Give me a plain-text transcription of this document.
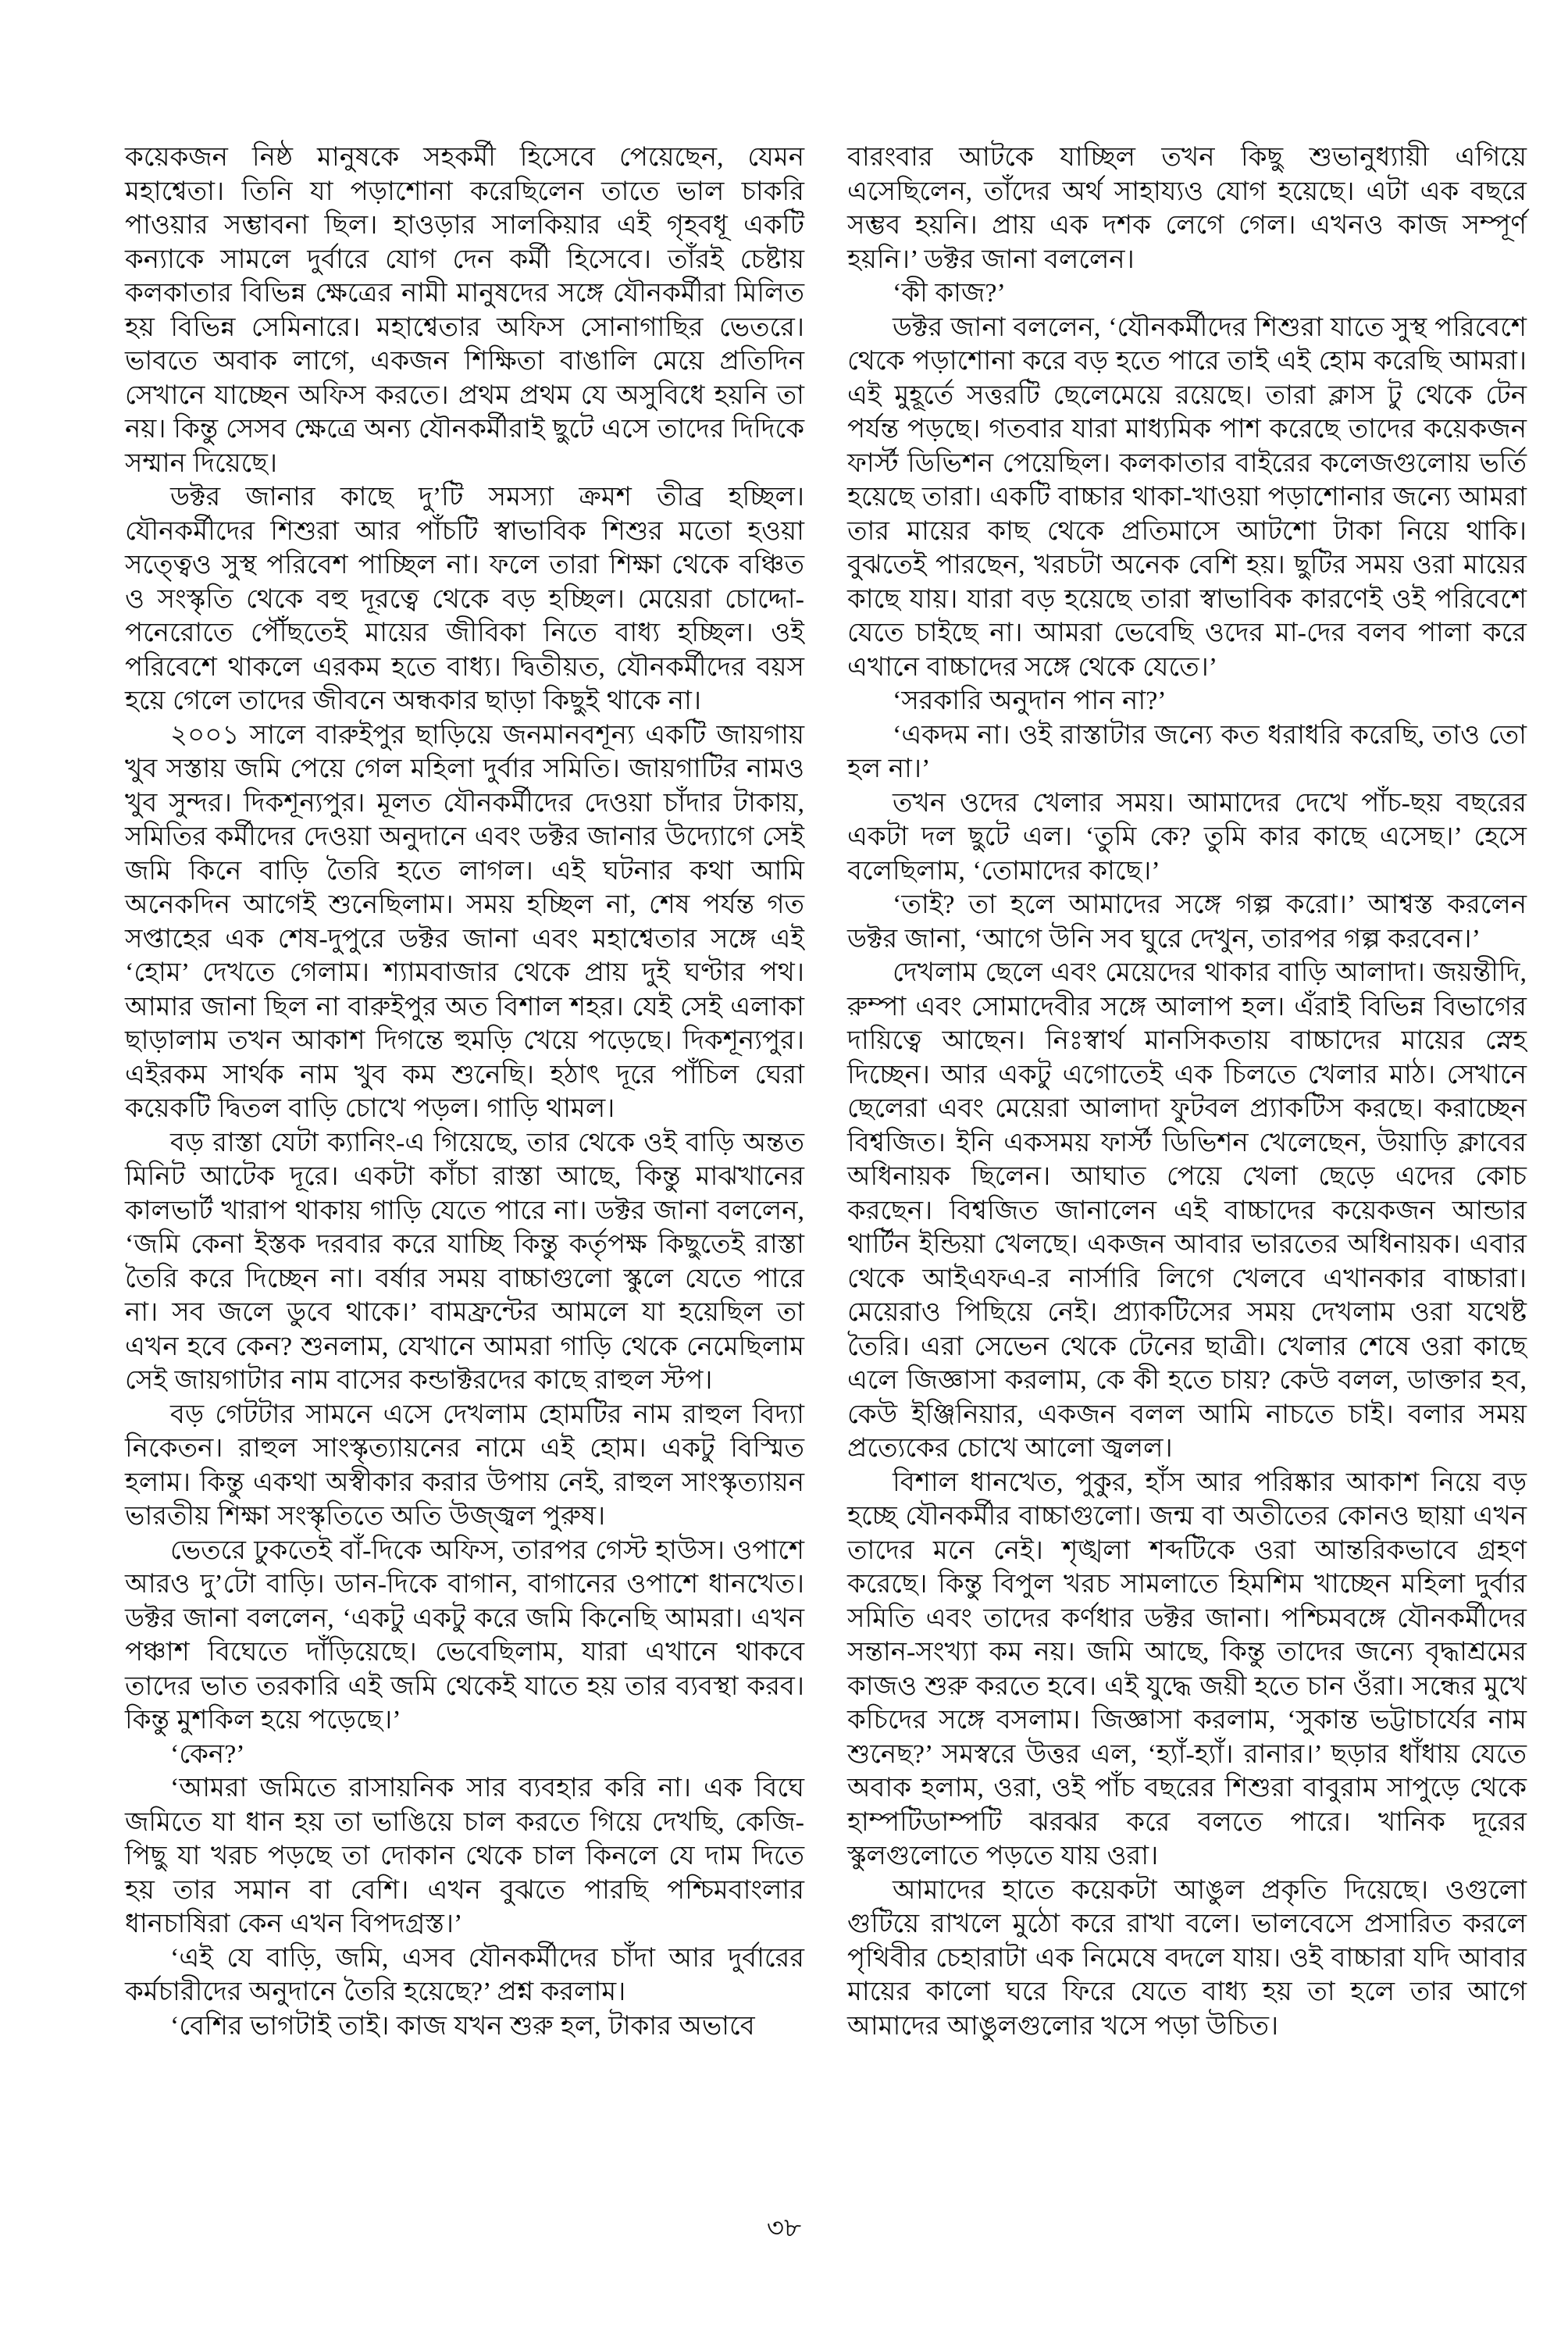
কয়েকজন নিষ্ঠ মানুষকে সহকর্মী হিসেবে পেয়েছেন, যেমন মহাশ্বেতা। তিনি যা পড়াশোনা করেছিলেন তাতে ভাল চাকরি পাওয়ার সম্ভাবনা ছিল। হাওড়ার সালকিয়ার এই গৃহবধূ একটি কন্যাকে সামলে দুর্বারে যোগ দেন কর্মী হিসেবে। তাঁরই চেষ্টায় কলকাতার বিভিন্ন ক্ষেত্রের নামী মানুষদের সঙ্গে যৌনকর্মীরা মিলিত হয় বিভিন্ন সেমিনারে। মহাশ্বেতার অফিস সোনাগাছির ভেতরে। ভাবতে অবাক লাগে, একজন শিক্ষিতা বাঙালি মেয়ে প্রতিদিন সেখানে যাচ্ছেন অফিস করতে। প্রথম প্রথম যে অসুবিধে হয়নি তা নয়। কিন্তু সেসব ক্ষেত্রে অন্য যৌনকর্মীরাই ছুটে এসে তাদের দিদিকে সম্মান দিয়েছে।

ডক্টর জানার কাছে দু’টি সমস্যা ক্রমশ তীব্র হচ্ছিল। যৌনকর্মীদের শিশুরা আর পাঁচটি স্বাভাবিক শিশুর মতো হওয়া সত্ত্বেও সুস্থ পরিবেশ পাচ্ছিল না। ফলে তারা শিক্ষা থেকে বঞ্চিত ও সংস্কৃতি থেকে বহু দূরত্বে থেকে বড় হচ্ছিল। মেয়েরা চোদ্দো-পনেরোতে পৌঁছতেই মায়ের জীবিকা নিতে বাধ্য হচ্ছিল। ওই পরিবেশে থাকলে এরকম হতে বাধ্য। দ্বিতীয়ত, যৌনকর্মীদের বয়স হয়ে গেলে তাদের জীবনে অন্ধকার ছাড়া কিছুই থাকে না।

২০০১ সালে বারুইপুর ছাড়িয়ে জনমানবশূন্য একটি জায়গায় খুব সস্তায় জমি পেয়ে গেল মহিলা দুর্বার সমিতি। জায়গাটির নামও খুব সুন্দর। দিকশূন্যপুর। মূলত যৌনকর্মীদের দেওয়া চাঁদার টাকায়, সমিতির কর্মীদের দেওয়া অনুদানে এবং ডক্টর জানার উদ্যোগে সেই জমি কিনে বাড়ি তৈরি হতে লাগল। এই ঘটনার কথা আমি অনেকদিন আগেই শুনেছিলাম। সময় হচ্ছিল না, শেষ পর্যন্ত গত সপ্তাহের এক শেষ-দুপুরে ডক্টর জানা এবং মহাশ্বেতার সঙ্গে এই ‘হোম’ দেখতে গেলাম। শ্যামবাজার থেকে প্রায় দুই ঘণ্টার পথ। আমার জানা ছিল না বারুইপুর অত বিশাল শহর। যেই সেই এলাকা ছাড়ালাম তখন আকাশ দিগন্তে হুমড়ি খেয়ে পড়েছে। দিকশূন্যপুর। এইরকম সার্থক নাম খুব কম শুনেছি। হঠাৎ দূরে পাঁচিল ঘেরা কয়েকটি দ্বিতল বাড়ি চোখে পড়ল। গাড়ি থামল।

বড় রাস্তা যেটা ক্যানিং-এ গিয়েছে, তার থেকে ওই বাড়ি অন্তত মিনিট আটেক দূরে। একটা কাঁচা রাস্তা আছে, কিন্তু মাঝখানের কালভার্ট খারাপ থাকায় গাড়ি যেতে পারে না। ডক্টর জানা বললেন, ‘জমি কেনা ইস্তক দরবার করে যাচ্ছি কিন্তু কর্তৃপক্ষ কিছুতেই রাস্তা তৈরি করে দিচ্ছেন না। বর্ষার সময় বাচ্চাগুলো স্কুলে যেতে পারে না। সব জলে ডুবে থাকে।’ বামফ্রন্টের আমলে যা হয়েছিল তা এখন হবে কেন? শুনলাম, যেখানে আমরা গাড়ি থেকে নেমেছিলাম সেই জায়গাটার নাম বাসের কন্ডাক্টরদের কাছে রাহুল স্টপ।

বড় গেটটার সামনে এসে দেখলাম হোমটির নাম রাহুল বিদ্যা নিকেতন। রাহুল সাংস্কৃত্যায়নের নামে এই হোম। একটু বিস্মিত হলাম। কিন্তু একথা অস্বীকার করার উপায় নেই, রাহুল সাংস্কৃত্যায়ন ভারতীয় শিক্ষা সংস্কৃতিতে অতি উজ্জ্বল পুরুষ।

ভেতরে ঢুকতেই বাঁ-দিকে অফিস, তারপর গেস্ট হাউস। ওপাশে আরও দু’টো বাড়ি। ডান-দিকে বাগান, বাগানের ওপাশে ধানখেত। ডক্টর জানা বললেন, ‘একটু একটু করে জমি কিনেছি আমরা। এখন পঞ্চাশ বিঘেতে দাঁড়িয়েছে। ভেবেছিলাম, যারা এখানে থাকবে তাদের ভাত তরকারি এই জমি থেকেই যাতে হয় তার ব্যবস্থা করব। কিন্তু মুশকিল হয়ে পড়েছে।’

‘কেন?’

‘আমরা জমিতে রাসায়নিক সার ব্যবহার করি না। এক বিঘে জমিতে যা ধান হয় তা ভাঙিয়ে চাল করতে গিয়ে দেখছি, কেজি-পিছু যা খরচ পড়ছে তা দোকান থেকে চাল কিনলে যে দাম দিতে হয় তার সমান বা বেশি। এখন বুঝতে পারছি পশ্চিমবাংলার ধানচাষিরা কেন এখন বিপদগ্রস্ত।’

‘এই যে বাড়ি, জমি, এসব যৌনকর্মীদের চাঁদা আর দুর্বারের কর্মচারীদের অনুদানে তৈরি হয়েছে?’ প্রশ্ন করলাম।

‘বেশির ভাগটাই তাই। কাজ যখন শুরু হল, টাকার অভাবে

বারংবার আটকে যাচ্ছিল তখন কিছু শুভানুধ্যায়ী এগিয়ে এসেছিলেন, তাঁদের অর্থ সাহায্যও যোগ হয়েছে। এটা এক বছরে সম্ভব হয়নি। প্রায় এক দশক লেগে গেল। এখনও কাজ সম্পূর্ণ হয়নি।’ ডক্টর জানা বললেন।

‘কী কাজ?’

ডক্টর জানা বললেন, ‘যৌনকর্মীদের শিশুরা যাতে সুস্থ পরিবেশে থেকে পড়াশোনা করে বড় হতে পারে তাই এই হোম করেছি আমরা। এই মুহূর্তে সত্তরটি ছেলেমেয়ে রয়েছে। তারা ক্লাস টু থেকে টেন পর্যন্ত পড়ছে। গতবার যারা মাধ্যমিক পাশ করেছে তাদের কয়েকজন ফার্স্ট ডিভিশন পেয়েছিল। কলকাতার বাইরের কলেজগুলোয় ভর্তি হয়েছে তারা। একটি বাচ্চার থাকা-খাওয়া পড়াশোনার জন্যে আমরা তার মায়ের কাছ থেকে প্রতিমাসে আটশো টাকা নিয়ে থাকি। বুঝতেই পারছেন, খরচটা অনেক বেশি হয়। ছুটির সময় ওরা মায়ের কাছে যায়। যারা বড় হয়েছে তারা স্বাভাবিক কারণেই ওই পরিবেশে যেতে চাইছে না। আমরা ভেবেছি ওদের মা-দের বলব পালা করে এখানে বাচ্চাদের সঙ্গে থেকে যেতে।’

‘সরকারি অনুদান পান না?’

‘একদম না। ওই রাস্তাটার জন্যে কত ধরাধরি করেছি, তাও তো হল না।’

তখন ওদের খেলার সময়। আমাদের দেখে পাঁচ-ছয় বছরের একটা দল ছুটে এল। ‘তুমি কে? তুমি কার কাছে এসেছ।’ হেসে বলেছিলাম, ‘তোমাদের কাছে।’

‘তাই? তা হলে আমাদের সঙ্গে গল্প করো।’ আশ্বস্ত করলেন ডক্টর জানা, ‘আগে উনি সব ঘুরে দেখুন, তারপর গল্প করবেন।’

দেখলাম ছেলে এবং মেয়েদের থাকার বাড়ি আলাদা। জয়ন্তীদি, রুম্পা এবং সোমাদেবীর সঙ্গে আলাপ হল। এঁরাই বিভিন্ন বিভাগের দায়িত্বে আছেন। নিঃস্বার্থ মানসিকতায় বাচ্চাদের মায়ের স্নেহ দিচ্ছেন। আর একটু এগোতেই এক চিলতে খেলার মাঠ। সেখানে ছেলেরা এবং মেয়েরা আলাদা ফুটবল প্র্যাকটিস করছে। করাচ্ছেন বিশ্বজিত। ইনি একসময় ফার্স্ট ডিভিশন খেলেছেন, উয়াড়ি ক্লাবের অধিনায়ক ছিলেন। আঘাত পেয়ে খেলা ছেড়ে এদের কোচ করছেন। বিশ্বজিত জানালেন এই বাচ্চাদের কয়েকজন আন্ডার থার্টিন ইন্ডিয়া খেলছে। একজন আবার ভারতের অধিনায়ক। এবার থেকে আইএফএ-র নার্সারি লিগে খেলবে এখানকার বাচ্চারা। মেয়েরাও পিছিয়ে নেই। প্র্যাকটিসের সময় দেখলাম ওরা যথেষ্ট তৈরি। এরা সেভেন থেকে টেনের ছাত্রী। খেলার শেষে ওরা কাছে এলে জিজ্ঞাসা করলাম, কে কী হতে চায়? কেউ বলল, ডাক্তার হব, কেউ ইঞ্জিনিয়ার, একজন বলল আমি নাচতে চাই। বলার সময় প্রত্যেকের চোখে আলো জ্বলল।

বিশাল ধানখেত, পুকুর, হাঁস আর পরিষ্কার আকাশ নিয়ে বড় হচ্ছে যৌনকর্মীর বাচ্চাগুলো। জন্ম বা অতীতের কোনও ছায়া এখন তাদের মনে নেই। শৃঙ্খলা শব্দটিকে ওরা আন্তরিকভাবে গ্রহণ করেছে। কিন্তু বিপুল খরচ সামলাতে হিমশিম খাচ্ছেন মহিলা দুর্বার সমিতি এবং তাদের কর্ণধার ডক্টর জানা। পশ্চিমবঙ্গে যৌনকর্মীদের সন্তান-সংখ্যা কম নয়। জমি আছে, কিন্তু তাদের জন্যে বৃদ্ধাশ্রমের কাজও শুরু করতে হবে। এই যুদ্ধে জয়ী হতে চান ওঁরা। সন্ধের মুখে কচিদের সঙ্গে বসলাম। জিজ্ঞাসা করলাম, ‘সুকান্ত ভট্টাচার্যের নাম শুনেছ?’ সমস্বরে উত্তর এল, ‘হ্যাঁ-হ্যাঁ। রানার।’ ছড়ার ধাঁধায় যেতে অবাক হলাম, ওরা, ওই পাঁচ বছরের শিশুরা বাবুরাম সাপুড়ে থেকে হাম্পটিডাম্পটি ঝরঝর করে বলতে পারে। খানিক দূরের স্কুলগুলোতে পড়তে যায় ওরা।

আমাদের হাতে কয়েকটা আঙুল প্রকৃতি দিয়েছে। ওগুলো গুটিয়ে রাখলে মুঠো করে রাখা বলে। ভালবেসে প্রসারিত করলে পৃথিবীর চেহারাটা এক নিমেষে বদলে যায়। ওই বাচ্চারা যদি আবার মায়ের কালো ঘরে ফিরে যেতে বাধ্য হয় তা হলে তার আগে আমাদের আঙুলগুলোর খসে পড়া উচিত।

৩৮
